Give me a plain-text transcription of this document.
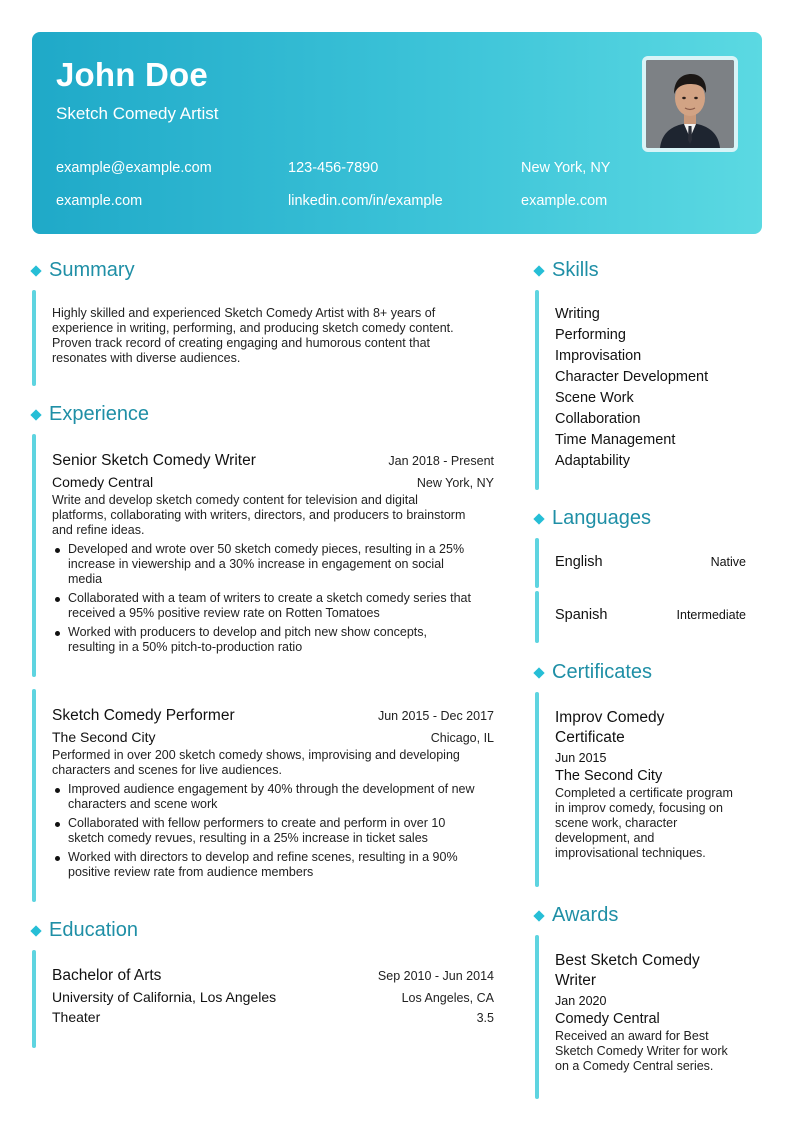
John Doe
Sketch Comedy Artist
example@example.com	123-456-7890	New York, NY
example.com	linkedin.com/in/example	example.com
Summary
Highly skilled and experienced Sketch Comedy Artist with 8+ years of
experience in writing, performing, and producing sketch comedy content.
Proven track record of creating engaging and humorous content that
resonates with diverse audiences.
Experience
Senior Sketch Comedy Writer	Jan 2018 - Present
Comedy Central	New York, NY
Write and develop sketch comedy content for television and digital
platforms, collaborating with writers, directors, and producers to brainstorm
and refine ideas.
Developed and wrote over 50 sketch comedy pieces, resulting in a 25%
increase in viewership and a 30% increase in engagement on social
media
Collaborated with a team of writers to create a sketch comedy series that
received a 95% positive review rate on Rotten Tomatoes
Worked with producers to develop and pitch new show concepts,
resulting in a 50% pitch-to-production ratio
Sketch Comedy Performer	Jun 2015 - Dec 2017
The Second City	Chicago, IL
Performed in over 200 sketch comedy shows, improvising and developing
characters and scenes for live audiences.
Improved audience engagement by 40% through the development of new
characters and scene work
Collaborated with fellow performers to create and perform in over 10
sketch comedy revues, resulting in a 25% increase in ticket sales
Worked with directors to develop and refine scenes, resulting in a 90%
positive review rate from audience members
Education
Bachelor of Arts	Sep 2010 - Jun 2014
University of California, Los Angeles	Los Angeles, CA
Theater	3.5
Skills
Writing
Performing
Improvisation
Character Development
Scene Work
Collaboration
Time Management
Adaptability
Languages
English	Native
Spanish	Intermediate
Certificates
Improv Comedy
Certificate
Jun 2015
The Second City
Completed a certificate program
in improv comedy, focusing on
scene work, character
development, and
improvisational techniques.
Awards
Best Sketch Comedy
Writer
Jan 2020
Comedy Central
Received an award for Best
Sketch Comedy Writer for work
on a Comedy Central series.
